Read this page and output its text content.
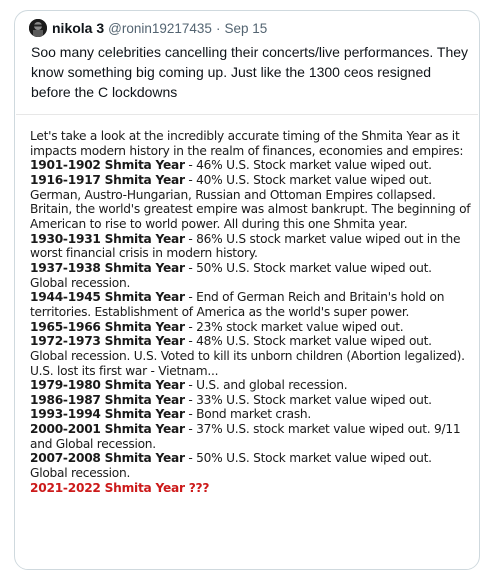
nikola 3 @ronin19217435 · Sep 15
Soo many celebrities cancelling their concerts/live performances. They know something big coming up. Just like the 1300 ceos resigned before the C lockdowns

Let's take a look at the incredibly accurate timing of the Shmita Year as it impacts modern history in the realm of finances, economies and empires:

1901-1902 Shmita Year - 46% U.S. Stock market value wiped out.

1916-1917 Shmita Year - 40% U.S. Stock market value wiped out. German, Austro-Hungarian, Russian and Ottoman Empires collapsed. Britain, the world's greatest empire was almost bankrupt. The beginning of American to rise to world power. All during this one Shmita year.

1930-1931 Shmita Year - 86% U.S stock market value wiped out in the worst financial crisis in modern history.

1937-1938 Shmita Year - 50% U.S. Stock market value wiped out. Global recession.

1944-1945 Shmita Year - End of German Reich and Britain's hold on territories. Establishment of America as the world's super power.

1965-1966 Shmita Year - 23% stock market value wiped out.

1972-1973 Shmita Year - 48% U.S. Stock market value wiped out. Global recession. U.S. Voted to kill its unborn children (Abortion legalized). U.S. lost its first war - Vietnam...

1979-1980 Shmita Year - U.S. and global recession.

1986-1987 Shmita Year - 33% U.S. Stock market value wiped out.

1993-1994 Shmita Year - Bond market crash.

2000-2001 Shmita Year - 37% U.S. stock market value wiped out. 9/11 and Global recession.

2007-2008 Shmita Year - 50% U.S. Stock market value wiped out. Global recession.

2021-2022 Shmita Year ???
